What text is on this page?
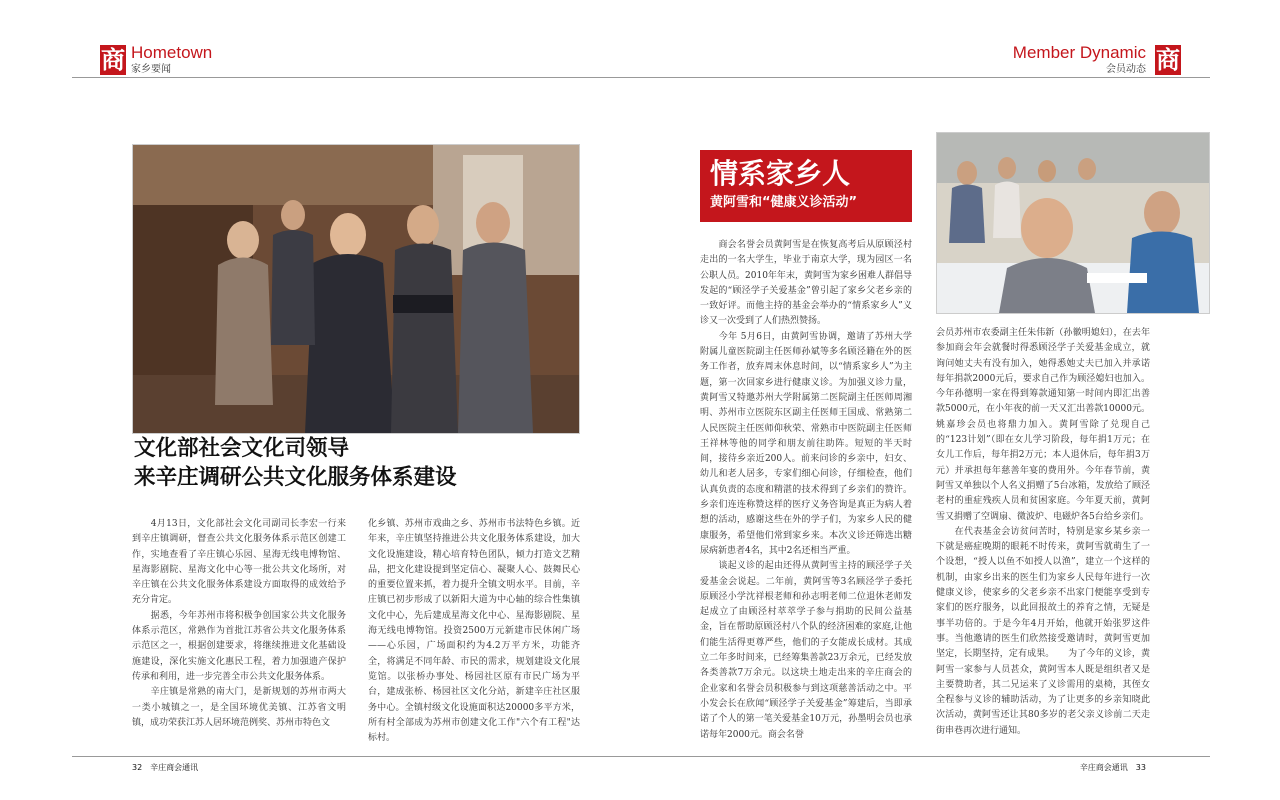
商 Hometown
家乡要闻
文化部社会文化司领导
来辛庄调研公共文化服务体系建设
　　4月13日，文化部社会文化司副司长李宏一行来到辛庄镇调研，督查公共文化服务体系示范区创建工作，实地查看了辛庄镇心乐园、星海无线电博物馆、星海影剧院、星海文化中心等一批公共文化场所，对辛庄镇在公共文化服务体系建设方面取得的成效给予充分肯定。
　　据悉，今年苏州市将积极争创国家公共文化服务体系示范区，常熟作为首批江苏省公共文化服务体系示范区之一，根据创建要求，将继续推进文化基础设施建设，深化实施文化惠民工程，着力加强遗产保护传承和利用，进一步完善全市公共文化服务体系。
　　辛庄镇是常熟的南大门，是新规划的苏州市两大一类小城镇之一，是全国环境优美镇、江苏省文明镇，成功荣获江苏人居环境范例奖、苏州市特色文
化乡镇、苏州市戏曲之乡、苏州市书法特色乡镇。近年来，辛庄镇坚持推进公共文化服务体系建设，加大文化设施建设，精心培育特色团队，倾力打造文艺精品，把文化建设提到坚定信心、凝聚人心、鼓舞民心的重要位置来抓，着力提升全镇文明水平。目前，辛庄镇已初步形成了以新阳大道为中心轴的综合性集镇文化中心，先后建成星海文化中心、星海影剧院、星海无线电博物馆。投资2500万元新建市民休闲广场——心乐园，广场面积约为4.2万平方米，功能齐全，将满足不同年龄、市民的需求，规划建设文化展览馆。以张桥办事处、杨园社区原有市民广场为平台，建成张桥、杨园社区文化分站，新建辛庄社区服务中心。全镇村级文化设施面积达20000多平方米，所有村全部成为苏州市创建文化工作"六个有工程"达标村。
32　辛庄商会通讯
Member Dynamic
会员动态 商
情系家乡人
黄阿雪和“健康义诊活动”
　　商会名誉会员黄阿雪是在恢复高考后从原顾泾村走出的一名大学生，毕业于南京大学，现为园区一名公职人员。2010年年末，黄阿雪为家乡困难人群倡导发起的“顾泾学子关爱基金”曾引起了家乡父老乡亲的一致好评。而他主持的基金会举办的“情系家乡人”义诊又一次受到了人们热烈赞扬。
　　今年 5月6日，由黄阿雪协调，邀请了苏州大学附属儿童医院副主任医师孙斌等多名顾泾籍在外的医务工作者，放弃周末休息时间，以“情系家乡人”为主题，第一次回家乡进行健康义诊。为加强义诊力量，黄阿雪又特邀苏州大学附属第二医院副主任医师周湘明、苏州市立医院东区副主任医师王国成、常熟第二人民医院主任医师仰秋荣、常熟市中医院副主任医师王祥林等他的同学和朋友前往助阵。短短的半天时间，接待乡亲近200人。前来问诊的乡亲中，妇女、幼儿和老人居多，专家们细心问诊，仔细检查，他们认真负责的态度和精湛的技术得到了乡亲们的赞许。乡亲们连连称赞这样的医疗义务咨询是真正为病人着想的活动，感谢这些在外的学子们，为家乡人民的健康服务，希望他们常到家乡来。本次义诊还筛选出糖尿病新患者4名，其中2名还相当严重。
　　谈起义诊的起由还得从黄阿雪主持的顾泾学子关爱基金会说起。二年前，黄阿雪等3名顾泾学子委托原顾泾小学沈祥根老师和孙志明老师二位退休老师发起成立了由顾泾村萃萃学子参与捐助的民间公益基金，旨在帮助原顾泾村八个队的经济困难的家庭,让他们能生活得更尊严些，他们的子女能成长成材。其成立二年多时间来，已经筹集善款23万余元，已经发放各类善款7万余元。以这块土地走出来的辛庄商会的企业家和名誉会员积极参与到这项慈善活动之中。平小发会长在欣闻“顾泾学子关爱基金”筹建后，当即承诺了个人的第一笔关爱基金10万元，孙墨明会员也承诺每年2000元。商会名誉
会员苏州市农委副主任朱伟新（孙徽明媳妇），在去年参加商会年会就餐时得悉顾泾学子关爱基金成立，就询问她丈夫有没有加入，她得悉她丈夫已加入并承诺每年捐款2000元后，要求自己作为顾泾媳妇也加入。今年孙德明一家在得到筹款通知第一时间内即汇出善款5000元，在小年夜的前一天又汇出善款10000元。姚嘉珍会员也将鼎力加入。黄阿雪除了兑现自己的“123计划”（即在女儿学习阶段，每年捐1万元；在女儿工作后，每年捐2万元；本人退休后，每年捐3万元）并承担每年慈善年宴的费用外。今年春节前，黄阿雪又单独以个人名义捐赠了5台冰箱，发放给了顾泾老村的重症残疾人员和贫困家庭。今年夏天前，黄阿雪又捐赠了空调扇、微波炉、电磁炉各5台给乡亲们。
　　在代表基金会访贫问苦时，特别是家乡某乡亲一下就是癌症晚期的眼耗不时传来，黄阿雪就萌生了一个设想，“授人以鱼不如授人以渔”，建立一个这样的机制，由家乡出来的医生们为家乡人民每年进行一次健康义诊，使家乡的父老乡亲不出家门便能享受到专家们的医疗服务，以此回报故土的养育之情，无疑是事半功倍的。于是今年4月开始，他就开始张罗这件事。当他邀请的医生们欣然接受邀请时，黄阿雪更加坚定，长期坚持，定有成果。　　为了今年的义诊，黄阿雪一家参与人员甚众，黄阿雪本人既是组织者又是主要赞助者，其二兄运来了义诊需用的桌椅，其侄女全程参与义诊的辅助活动，为了让更多的乡亲知晓此次活动，黄阿雪还让其80多岁的老父亲义诊前二天走街串巷再次进行通知。
辛庄商会通讯　33
